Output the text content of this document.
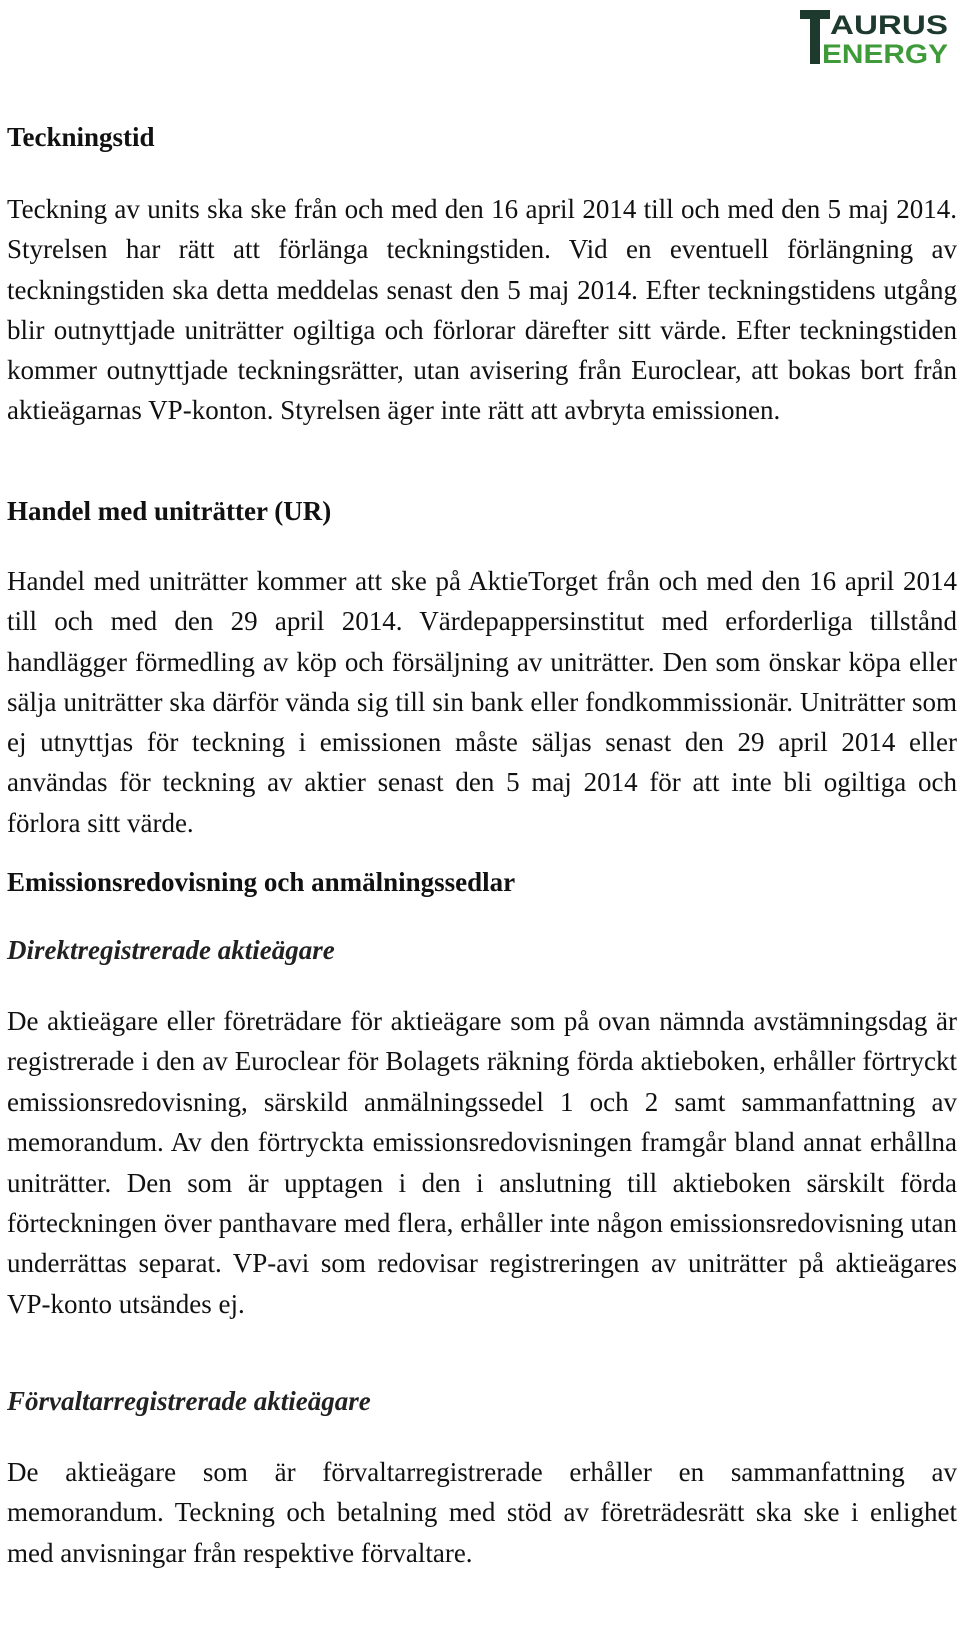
AURUS
ENERGY
Teckningstid

Teckning av units ska ske från och med den 16 april 2014 till och med den 5 maj 2014. Styrelsen har rätt att förlänga teckningstiden. Vid en eventuell förlängning av teckningstiden ska detta meddelas senast den 5 maj 2014. Efter teckningstidens utgång blir outnyttjade uniträtter ogiltiga och förlorar därefter sitt värde. Efter teckningstiden kommer outnyttjade teckningsrätter, utan avisering från Euroclear, att bokas bort från aktieägarnas VP-konton. Styrelsen äger inte rätt att avbryta emissionen.

Handel med uniträtter (UR)

Handel med uniträtter kommer att ske på AktieTorget från och med den 16 april 2014 till och med den 29 april 2014. Värdepappersinstitut med erforderliga tillstånd handlägger förmedling av köp och försäljning av uniträtter. Den som önskar köpa eller sälja uniträtter ska därför vända sig till sin bank eller fondkommissionär. Uniträtter som ej utnyttjas för teckning i emissionen måste säljas senast den 29 april 2014 eller användas för teckning av aktier senast den 5 maj 2014 för att inte bli ogiltiga och förlora sitt värde.

Emissionsredovisning och anmälningssedlar
Direktregistrerade aktieägare

De aktieägare eller företrädare för aktieägare som på ovan nämnda avstämningsdag är registrerade i den av Euroclear för Bolagets räkning förda aktieboken, erhåller förtryckt emissionsredovisning, särskild anmälningssedel 1 och 2 samt sammanfattning av memorandum. Av den förtryckta emissionsredovisningen framgår bland annat erhållna uniträtter. Den som är upptagen i den i anslutning till aktieboken särskilt förda förteckningen över panthavare med flera, erhåller inte någon emissionsredovisning utan underrättas separat. VP-avi som redovisar registreringen av uniträtter på aktieägares VP-konto utsändes ej.

Förvaltarregistrerade aktieägare

De aktieägare som är förvaltarregistrerade erhåller en sammanfattning av memorandum. Teckning och betalning med stöd av företrädesrätt ska ske i enlighet med anvisningar från respektive förvaltare.
